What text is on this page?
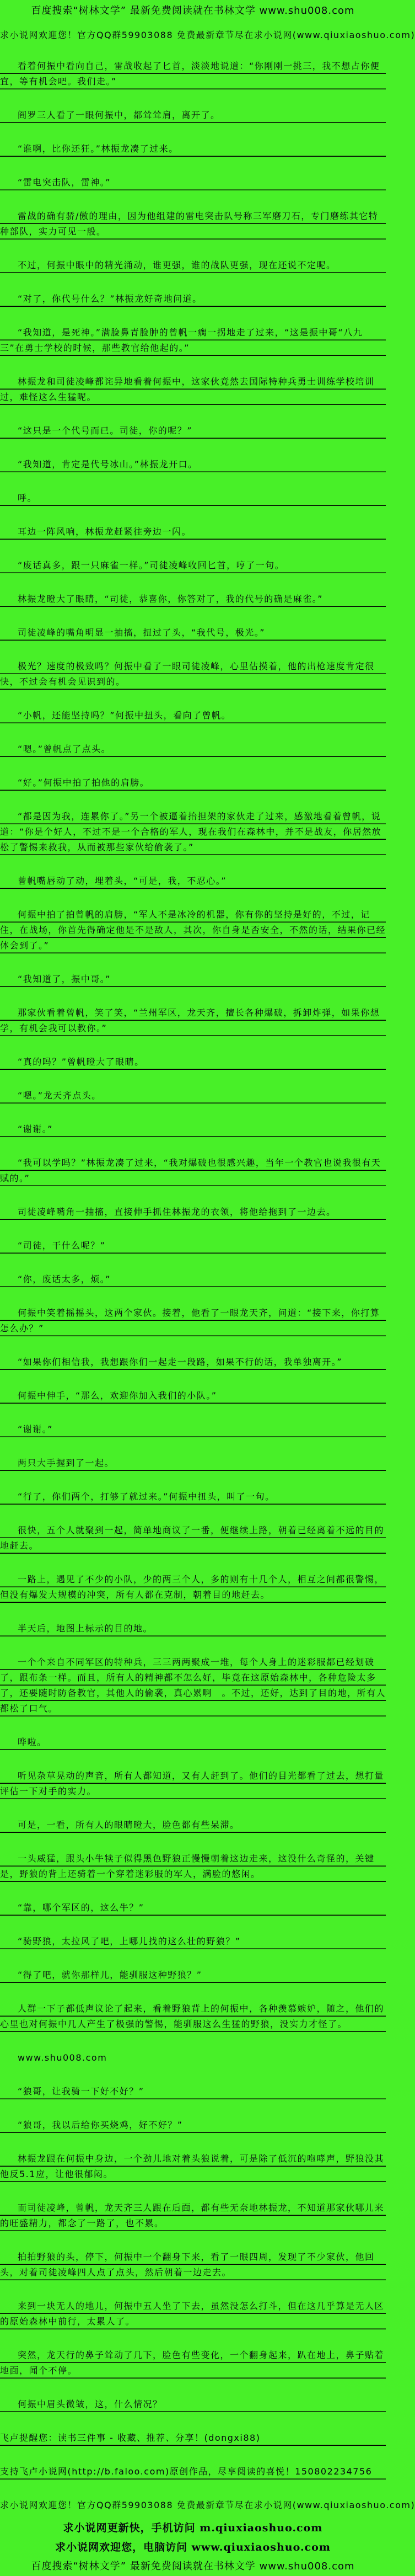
百度搜索“树林文学” 最新免费阅读就在书林文学 www.shu008.com
求小说网欢迎您！官方QQ群59903088 免费最新章节尽在求小说网(www.qiuxiaoshuo.com)
看着何振中看向自己，雷战收起了匕首，淡淡地说道：“你刚刚一挑三，我不想占你便宜，等有机会吧。我们走。”
阎罗三人看了一眼何振中，都耸耸肩，离开了。
“谁啊，比你还狂。”林振龙凑了过来。
“雷电突击队，雷神。”
雷战的确有骄/傲的理由，因为他组建的雷电突击队号称三军磨刀石，专门磨练其它特种部队，实力可见一般。
不过，何振中眼中的精光涌动，谁更强，谁的战队更强，现在还说不定呢。
“对了，你代号什么？”林振龙好奇地问道。
“我知道，是死神。”满脸鼻青脸肿的曾帆一瘸一拐地走了过来，“这是振中哥“八九三”在勇士学校的时候，那些教官给他起的。”
林振龙和司徒凌峰都诧异地看着何振中，这家伙竟然去国际特种兵勇士训练学校培训过，难怪这么生猛呢。
“这只是一个代号而已。司徒，你的呢？”
“我知道，肯定是代号冰山。”林振龙开口。
呼。
耳边一阵风响，林振龙赶紧往旁边一闪。
“废话真多，跟一只麻雀一样。”司徒凌峰收回匕首，哼了一句。
林振龙瞪大了眼睛，“司徒，恭喜你，你答对了，我的代号的确是麻雀。”
司徒凌峰的嘴角明显一抽搐，扭过了头，“我代号，极光。”
极光？速度的极致吗？何振中看了一眼司徒凌峰，心里估摸着，他的出枪速度肯定很快，不过会有机会见识到的。
“小帆，还能坚持吗？”何振中扭头，看向了曾帆。
“嗯。”曾帆点了点头。
“好。”何振中拍了拍他的肩膀。
“都是因为我，连累你了。”另一个被逼着抬担架的家伙走了过来，感激地看着曾帆，说道：“你是个好人，不过不是一个合格的军人，现在我们在森林中，并不是战友，你居然放松了警惕来救我，从而被那些家伙给偷袭了。”
曾帆嘴唇动了动，埋着头，“可是，我，不忍心。”
何振中拍了拍曾帆的肩膀，“军人不是冰冷的机器，你有你的坚持是好的，不过，记住，在战场，你首先得确定他是不是敌人，其次，你自身是否安全，不然的话，结果你已经体会到了。”
“我知道了，振中哥。”
那家伙看着曾帆，笑了笑，“兰州军区，龙天齐，擅长各种爆破，拆卸炸弹，如果你想学，有机会我可以教你。”
“真的吗？”曾帆瞪大了眼睛。
“嗯。”龙天齐点头。
“谢谢。”
“我可以学吗？”林振龙凑了过来，“我对爆破也很感兴趣，当年一个教官也说我很有天赋的。”
司徒凌峰嘴角一抽搐，直接伸手抓住林振龙的衣领，将他给拖到了一边去。
“司徒，干什么呢？”
“你，废话太多，烦。”
何振中笑着摇摇头，这两个家伙。接着，他看了一眼龙天齐，问道：“接下来，你打算怎么办？”
“如果你们相信我，我想跟你们一起走一段路，如果不行的话，我单独离开。”
何振中伸手，“那么，欢迎你加入我们的小队。”
“谢谢。”
两只大手握到了一起。
“行了，你们两个，打够了就过来。”何振中扭头，叫了一句。
很快，五个人就聚到一起，简单地商议了一番，便继续上路，朝着已经离着不远的目的地赶去。
一路上，遇见了不少的小队，少的两三个人，多的则有十几个人，相互之间都很警惕，但没有爆发大规模的冲突，所有人都在克制，朝着目的地赶去。
半天后，地图上标示的目的地。
一个个来自不同军区的特种兵，三三两两聚成一堆，每个人身上的迷彩服都已经划破了，跟布条一样。而且，所有人的精神都不怎么好，毕竟在这原始森林中，各种危险太多了，还要随时防备教官，其他人的偷袭，真心累啊　。不过，还好，达到了目的地，所有人都松了口气。
哗啦。
听见杂草晃动的声音，所有人都知道，又有人赶到了。他们的目光都看了过去，想打量评估一下对手的实力。
可是，一看，所有人的眼睛瞪大，脸色都有些呆滞。
一头威猛，跟头小牛犊子似得黑色野狼正慢慢朝着这边走来，这没什么奇怪的，关键是，野狼的背上还骑着一个穿着迷彩服的军人，满脸的悠闲。
“靠，哪个军区的，这么牛？”
“骑野狼，太拉风了吧，上哪儿找的这么壮的野狼？”
“得了吧，就你那样儿，能驯服这种野狼？”
人群一下子都低声议论了起来，看着野狼背上的何振中，各种羡慕嫉妒，随之，他们的心里也对何振中几人产生了极强的警惕，能驯服这么生猛的野狼，没实力才怪了。
www.shu008.com
“狼哥，让我骑一下好不好？”
“狼哥，我以后给你买烧鸡，好不好？”
林振龙跟在何振中身边，一个劲儿地对着头狼说着，可是除了低沉的咆哮声，野狼没其他反5.1应，让他很郁闷。
而司徒凌峰，曾帆，龙天齐三人跟在后面，都有些无奈地林振龙，不知道那家伙哪儿来的旺盛精力，都念了一路了，也不累。
拍拍野狼的头，停下，何振中一个翻身下来，看了一眼四周，发现了不少家伙，他回头，对着司徒凌峰四人点了点头，然后朝着一边走去。
来到一块无人的地儿，何振中五人坐了下去，虽然没怎么打斗，但在这几乎算是无人区的原始森林中前行，太累人了。
突然，龙天行的鼻子耸动了几下，脸色有些变化，一个翻身起来，趴在地上，鼻子贴着地面，闻个不停。
何振中眉头微皱，这，什么情况？
飞卢提醒您：读书三件事 - 收藏、推荐、分享！(dongxi88)
支持飞卢小说网(http://b.faloo.com)原创作品，尽享阅读的喜悦！150802234756
求小说网欢迎您！官方QQ群59903088 免费最新章节尽在求小说网(www.qiuxiaoshuo.com)
求小说网更新快，手机访问 m.qiuxiaoshuo.com
求小说网欢迎您，电脑访问 www.qiuxiaoshuo.com
百度搜索“树林文学” 最新免费阅读就在书林文学 www.shu008.com
